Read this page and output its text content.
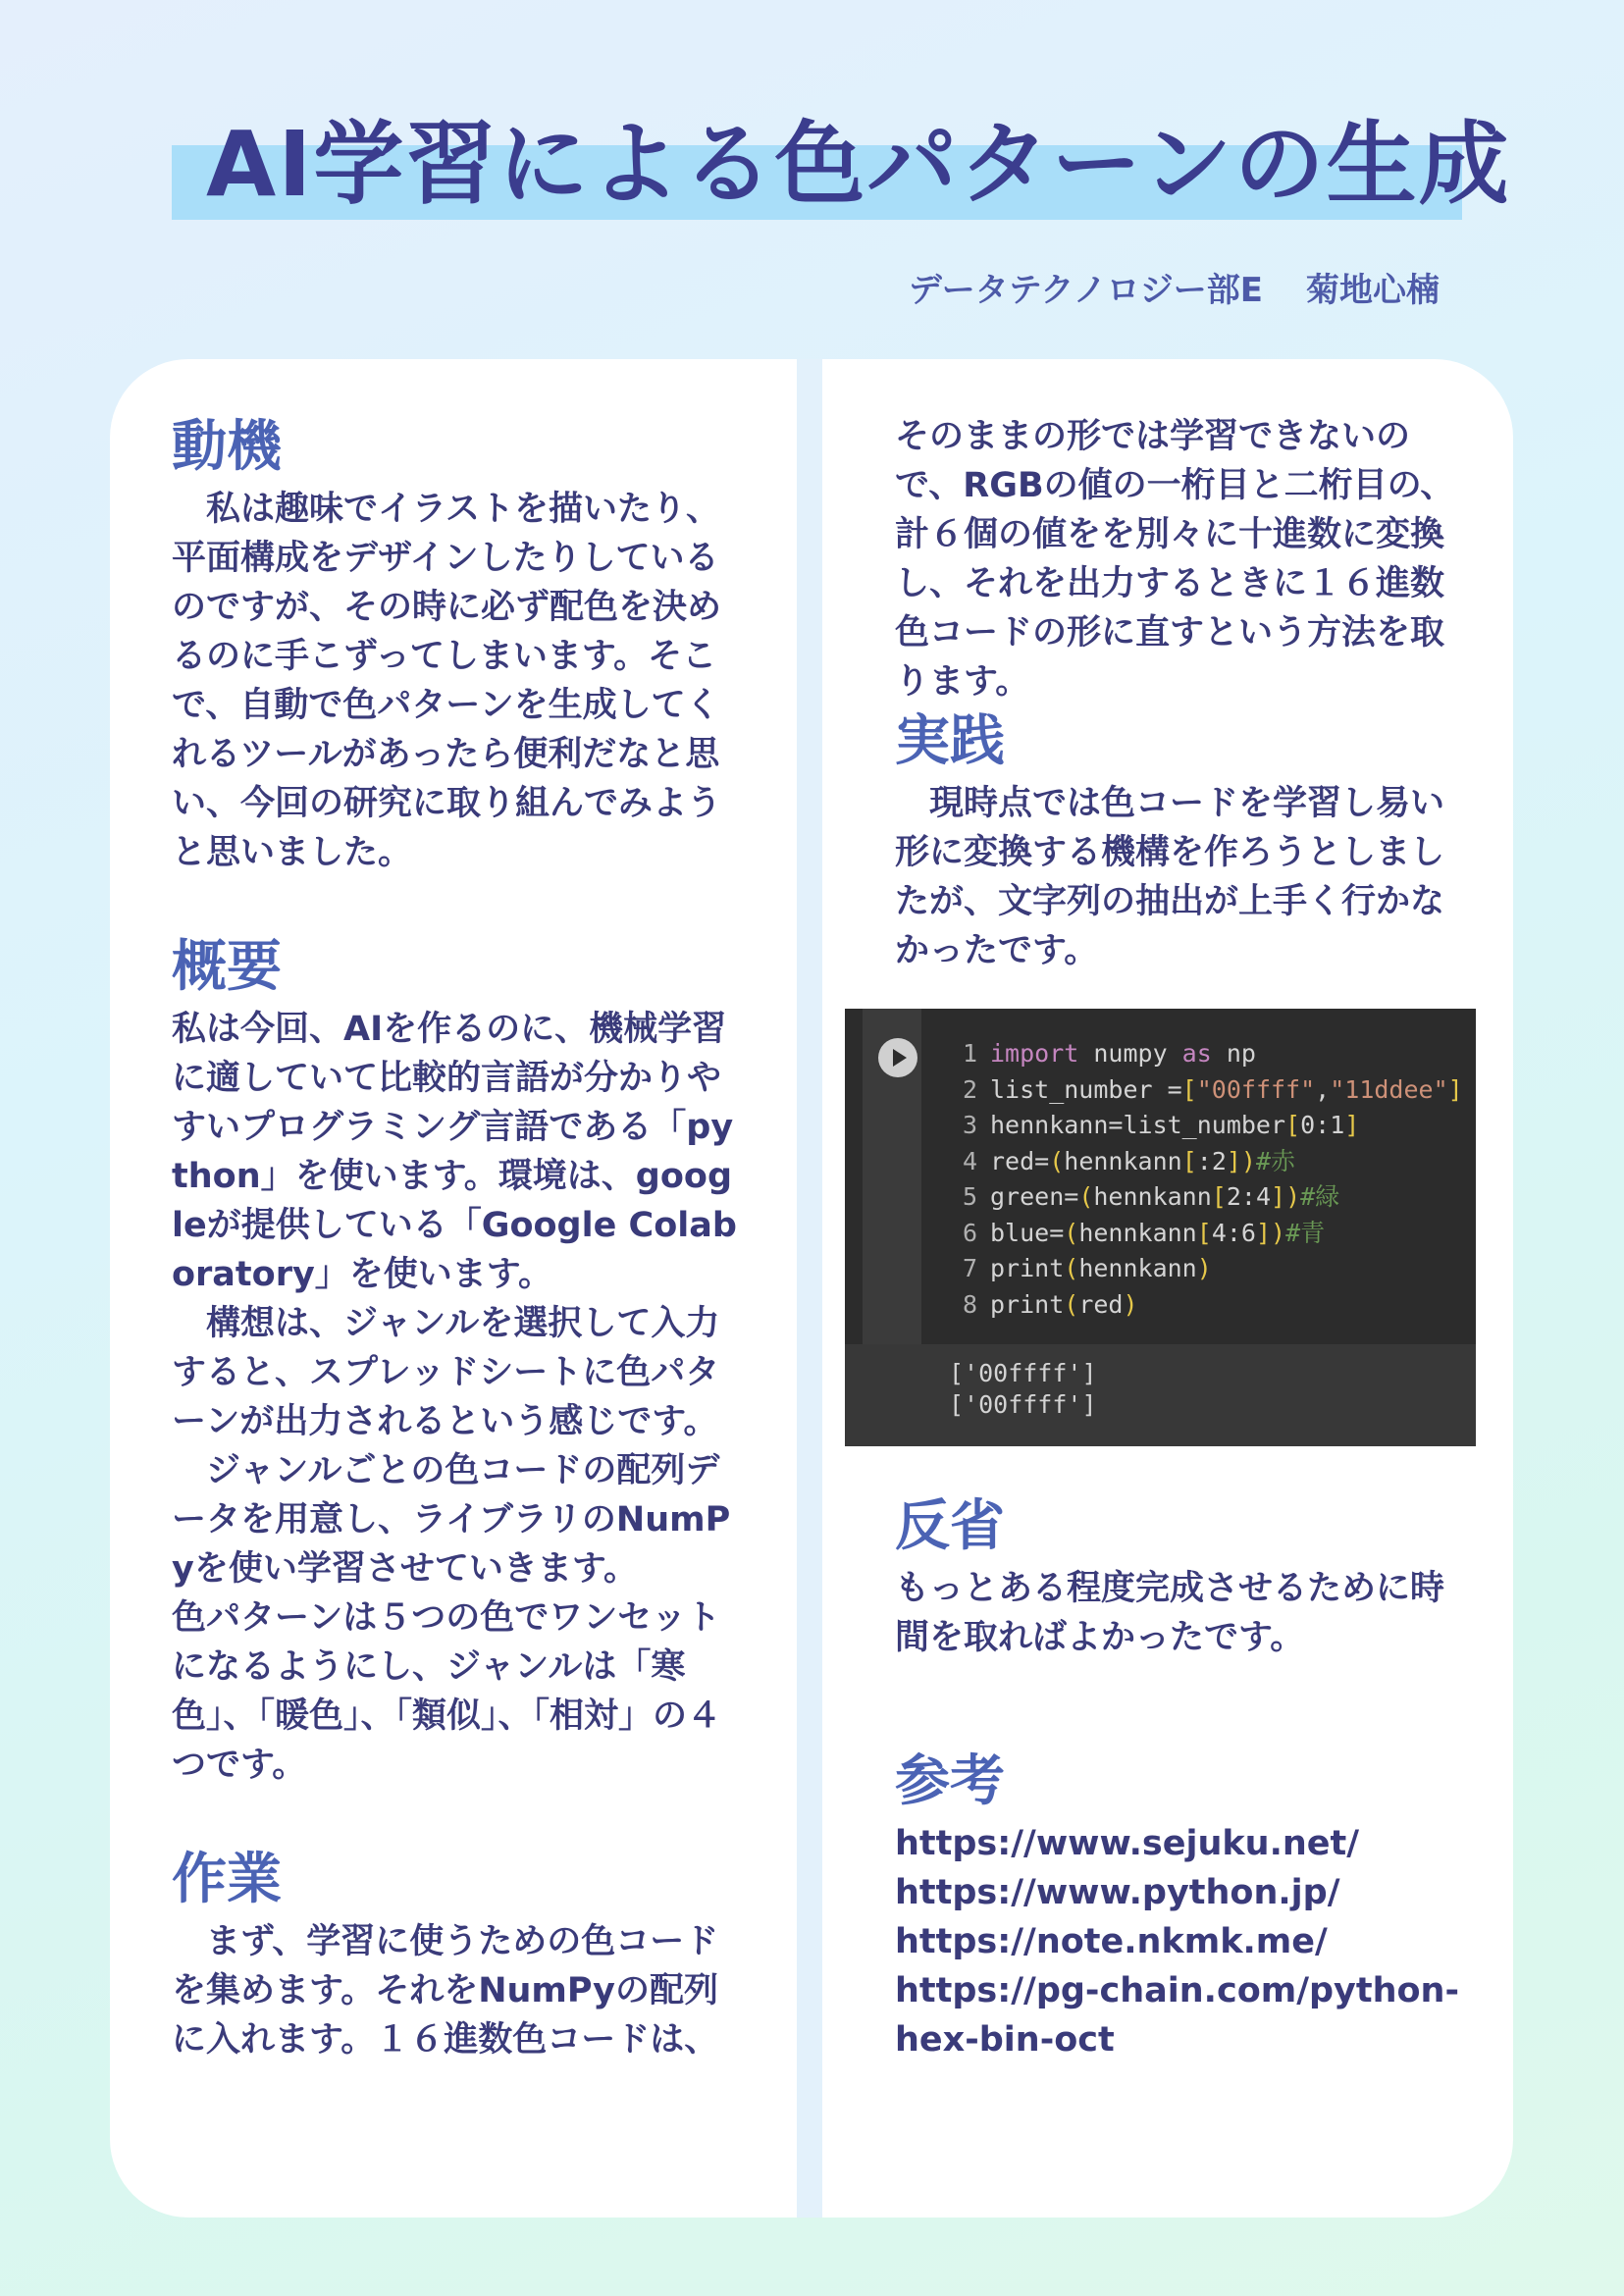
AI学習による色パターンの生成
データテクノロジー部E 菊地心楠
動機

私は趣味でイラストを描いたり、平面構成をデザインしたりしているのですが、その時に必ず配色を決めるのに手こずってしまいます。そこで、自動で色パターンを生成してくれるツールがあったら便利だなと思い、今回の研究に取り組んでみようと思いました。

概要

私は今回、AIを作るのに、機械学習に適していて比較的言語が分かりやすいプログラミング言語である「python」を使います。環境は、googleが提供している「Google Colaboratory」を使います。

構想は、ジャンルを選択して入力すると、スプレッドシートに色パターンが出力されるという感じです。

ジャンルごとの色コードの配列データを用意し、ライブラリのNumPyを使い学習させていきます。

色パターンは５つの色でワンセットになるようにし、ジャンルは「寒色」、「暖色」、「類似」、「相対」の４つです。

作業

まず、学習に使うための色コードを集めます。それをNumPyの配列に入れます。１６進数色コードは、

そのままの形では学習できないので、RGBの値の一桁目と二桁目の、計６個の値をを別々に十進数に変換し、それを出力するときに１６進数色コードの形に直すという方法を取ります。

実践

現時点では色コードを学習し易い形に変換する機構を作ろうとしましたが、文字列の抽出が上手く行かなかったです。

1 import numpy as np
2 list_number =["00ffff","11ddee"]
3 hennkann=list_number[0:1]
4 red=(hennkann[:2])#赤
5 green=(hennkann[2:4])#緑
6 blue=(hennkann[4:6])#青
7 print(hennkann)
8 print(red)
['00ffff']
['00ffff']
反省

もっとある程度完成させるために時間を取ればよかったです。

参考
https://www.sejuku.net/
https://www.python.jp/
https://note.nkmk.me/
https://pg-chain.com/python-hex-bin-oct
